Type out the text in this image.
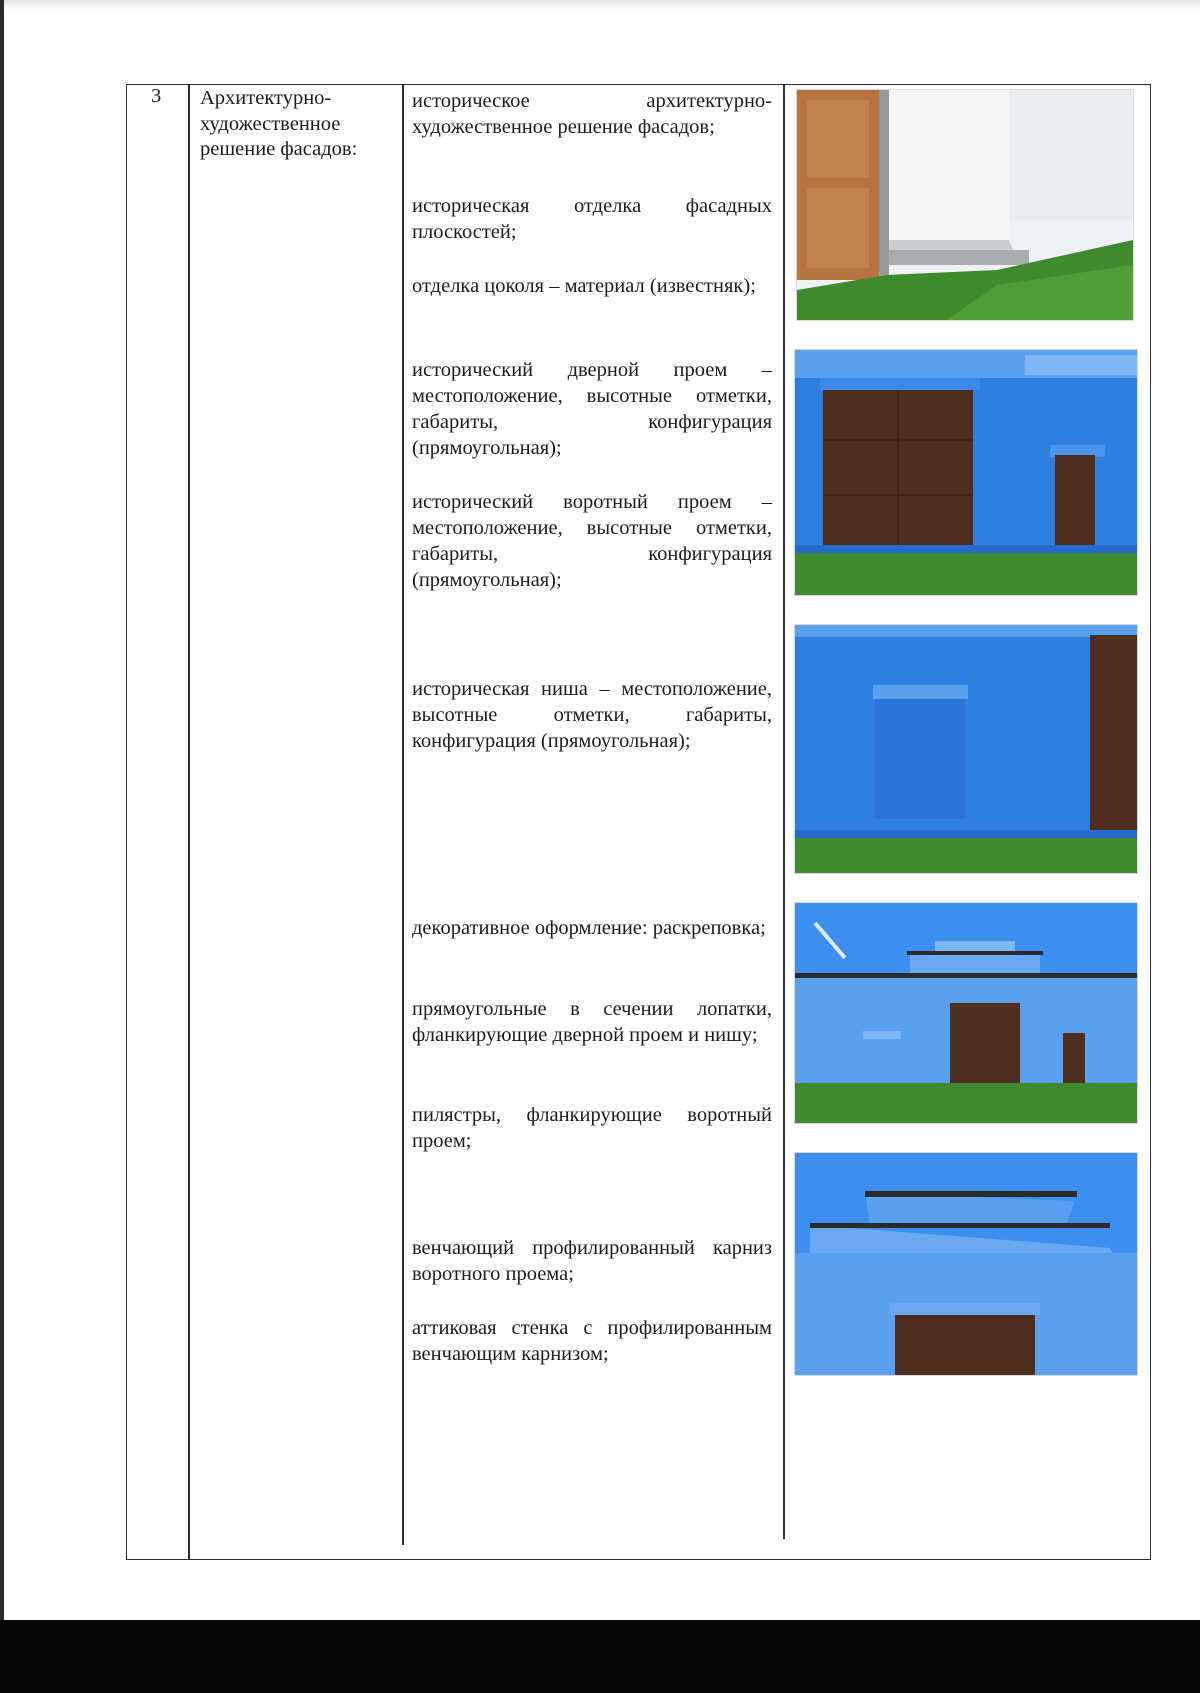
3 Архитектурно-художественное решение фасадов:
историческое архитектурно-художественное решение фасадов;
историческая отделка фасадных плоскостей;
отделка цоколя – материал (известняк);
исторический дверной проем – местоположение, высотные отметки, габариты, конфигурация (прямоугольная);
исторический воротный проем – местоположение, высотные отметки, габариты, конфигурация (прямоугольная);
историческая ниша – местоположение, высотные отметки, габариты, конфигурация (прямоугольная);
декоративное оформление: раскреповка;
прямоугольные в сечении лопатки, фланкирующие дверной проем и нишу;
пилястры, фланкирующие воротный проем;
венчающий профилированный карниз воротного проема;
аттиковая стенка с профилированным венчающим карнизом;
